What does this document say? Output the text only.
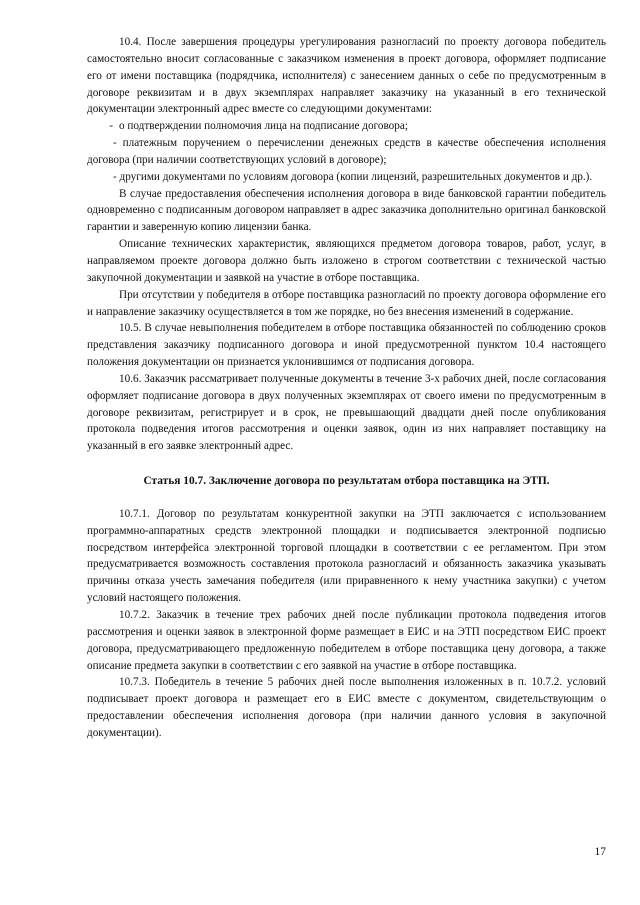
10.4. После завершения процедуры урегулирования разногласий по проекту договора победитель самостоятельно вносит согласованные с заказчиком изменения в проект договора, оформляет подписание его от имени поставщика (подрядчика, исполнителя) с занесением данных о себе по предусмотренным в договоре реквизитам и в двух экземплярах направляет заказчику на указанный в его технической документации электронный адрес вместе со следующими документами:

- о подтверждении полномочия лица на подписание договора;

- платежным поручением о перечислении денежных средств в качестве обеспечения исполнения договора (при наличии соответствующих условий в договоре);

- другими документами по условиям договора (копии лицензий, разрешительных документов и др.).

В случае предоставления обеспечения исполнения договора в виде банковской гарантии победитель одновременно с подписанным договором направляет в адрес заказчика дополнительно оригинал банковской гарантии и заверенную копию лицензии банка.

Описание технических характеристик, являющихся предметом договора товаров, работ, услуг, в направляемом проекте договора должно быть изложено в строгом соответствии с технической частью закупочной документации и заявкой на участие в отборе поставщика.

При отсутствии у победителя в отборе поставщика разногласий по проекту договора оформление его и направление заказчику осуществляется в том же порядке, но без внесения изменений в содержание.

10.5. В случае невыполнения победителем в отборе поставщика обязанностей по соблюдению сроков представления заказчику подписанного договора и иной предусмотренной пунктом 10.4 настоящего положения документации он признается уклонившимся от подписания договора.

10.6. Заказчик рассматривает полученные документы в течение 3-х рабочих дней, после согласования оформляет подписание договора в двух полученных экземплярах от своего имени по предусмотренным в договоре реквизитам, регистрирует и в срок, не превышающий двадцати дней после опубликования протокола подведения итогов рассмотрения и оценки заявок, один из них направляет поставщику на указанный в его заявке электронный адрес.

Статья 10.7. Заключение договора по результатам отбора поставщика на ЭТП.

10.7.1. Договор по результатам конкурентной закупки на ЭТП заключается с использованием программно-аппаратных средств электронной площадки и подписывается электронной подписью посредством интерфейса электронной торговой площадки в соответствии с ее регламентом. При этом предусматривается возможность составления протокола разногласий и обязанность заказчика указывать причины отказа учесть замечания победителя (или приравненного к нему участника закупки) с учетом условий настоящего положения.

10.7.2. Заказчик в течение трех рабочих дней после публикации протокола подведения итогов рассмотрения и оценки заявок в электронной форме размещает в ЕИС и на ЭТП посредством ЕИС проект договора, предусматривающего предложенную победителем в отборе поставщика цену договора, а также описание предмета закупки в соответствии с его заявкой на участие в отборе поставщика.

10.7.3. Победитель в течение 5 рабочих дней после выполнения изложенных в п. 10.7.2. условий подписывает проект договора и размещает его в ЕИС вместе с документом, свидетельствующим о предоставлении обеспечения исполнения договора (при наличии данного условия в закупочной документации).

17
